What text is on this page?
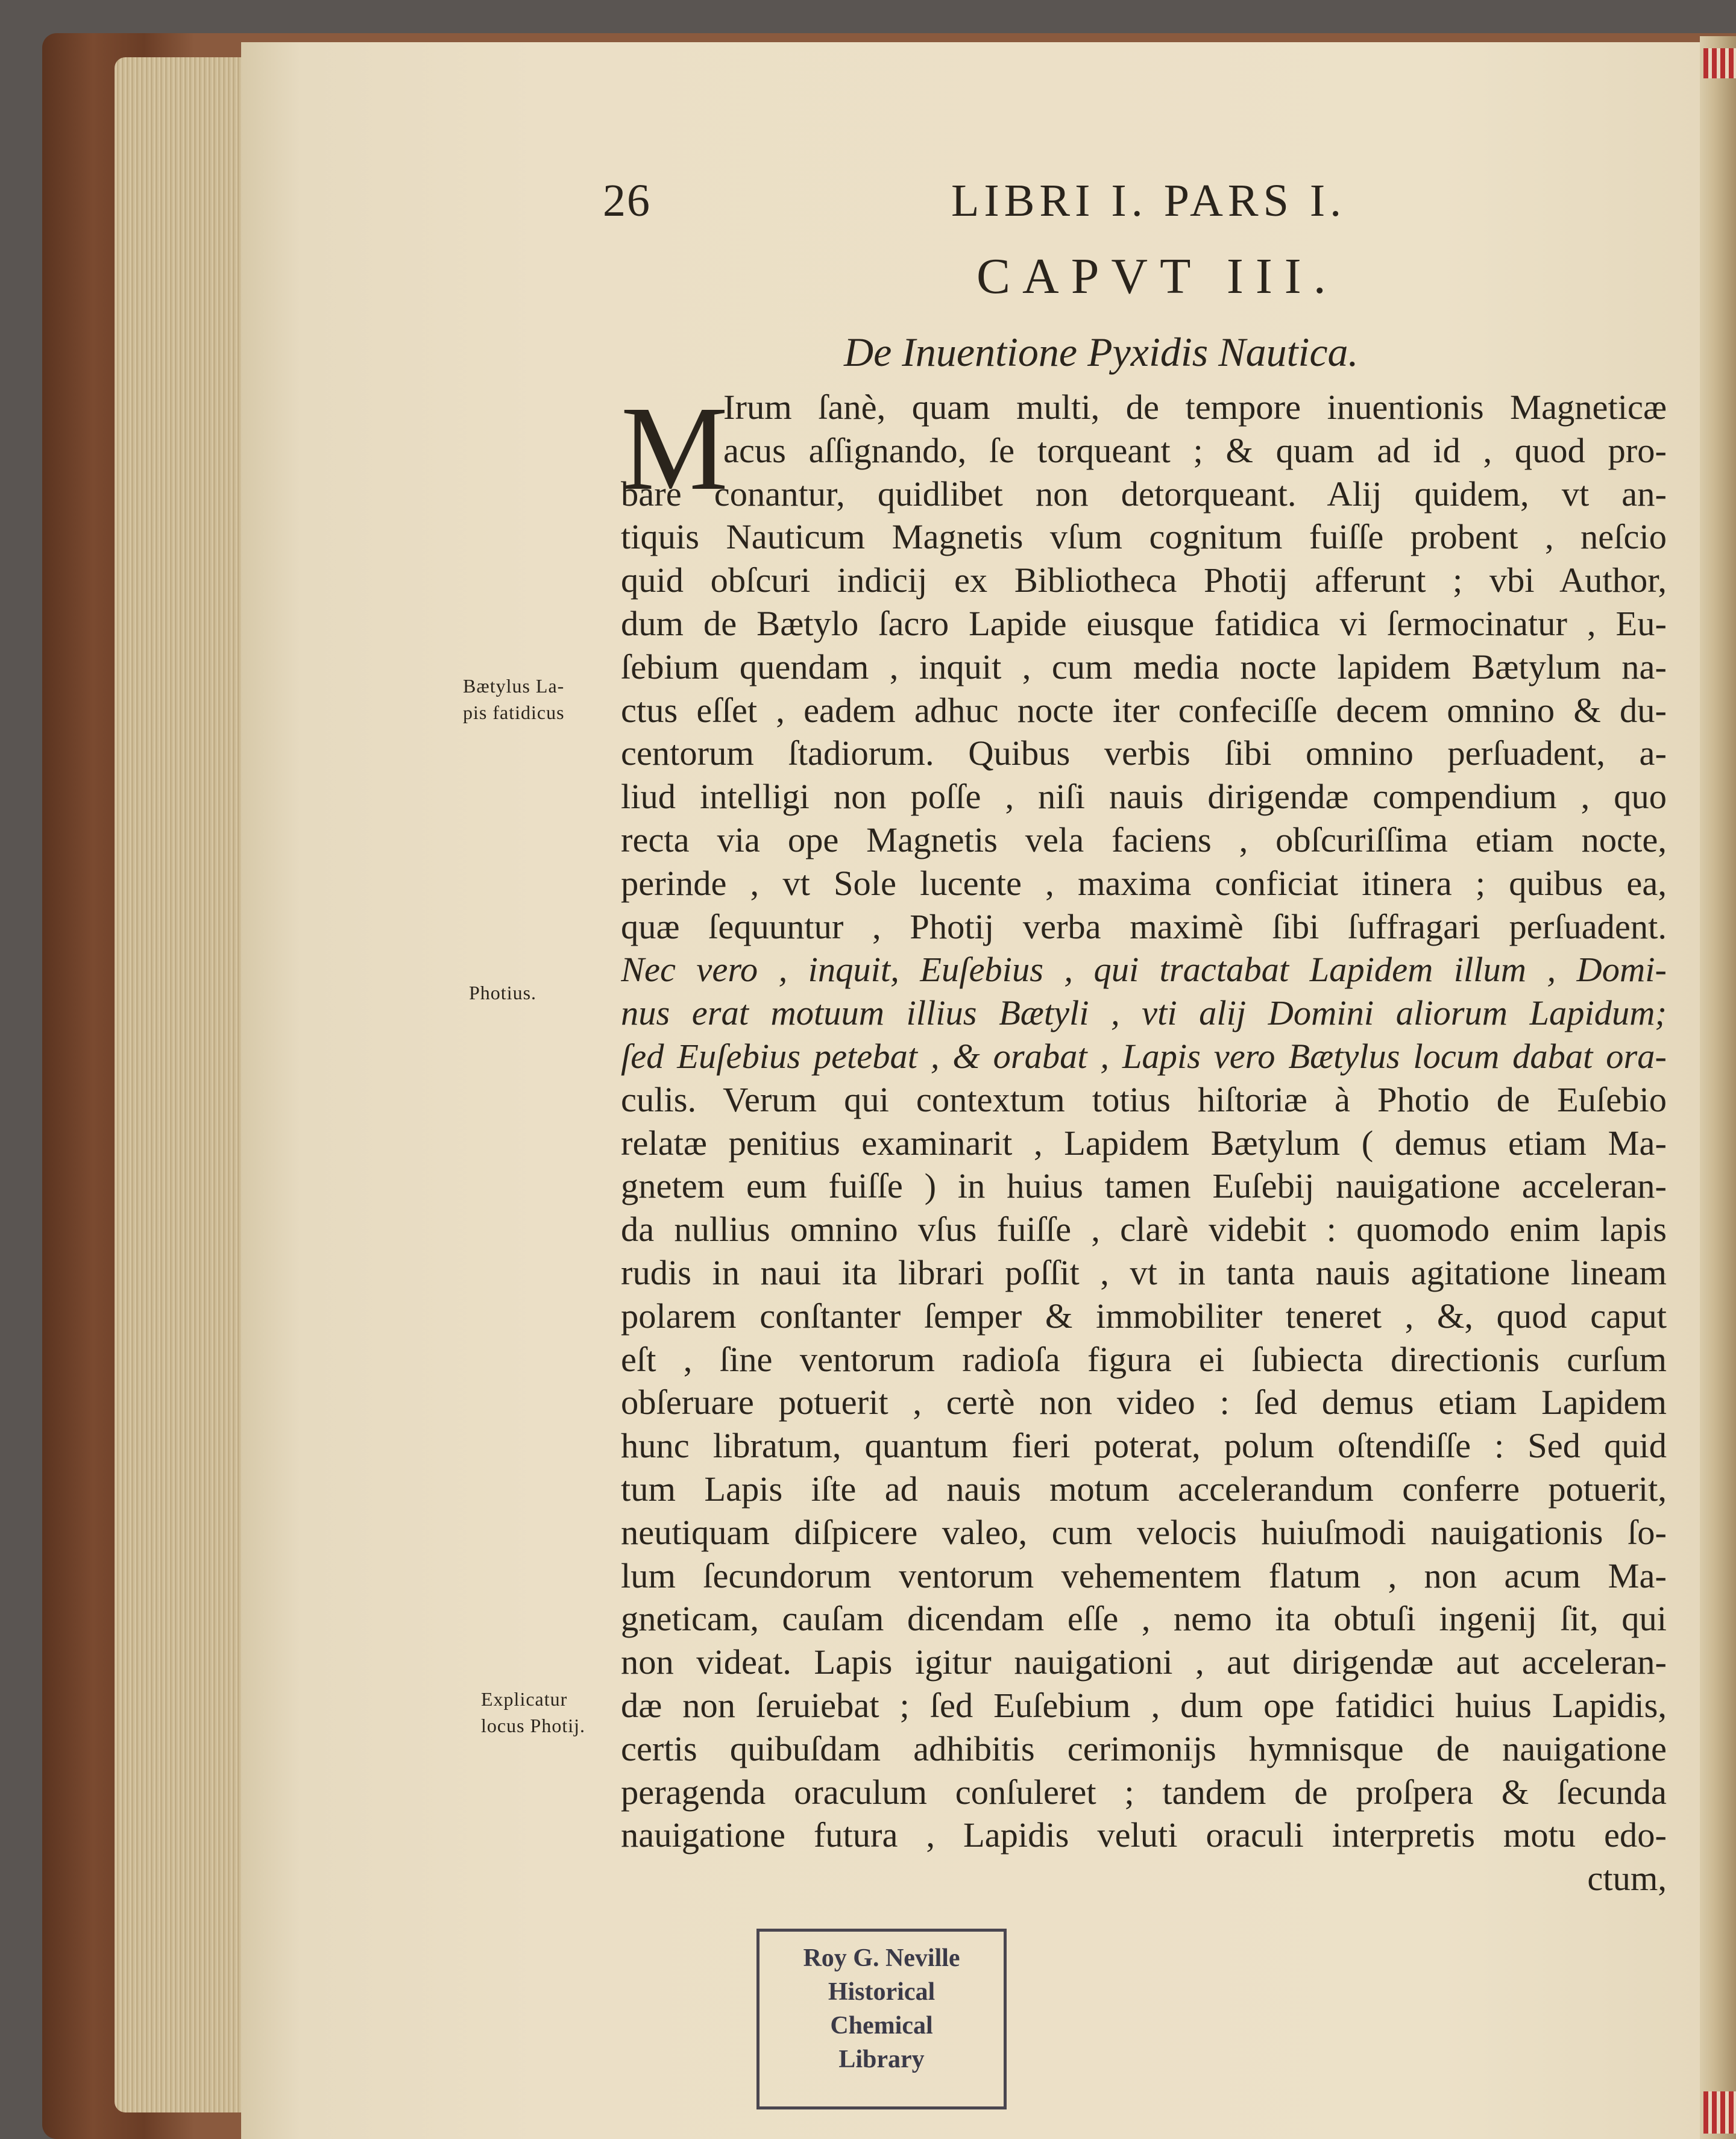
26	LIBRI I. PARS I.
CAPVT III.
De Inuentione Pyxidis Nautica.
M
Irum ſanè, quam multi, de tempore inuentionis Magneticæ
acus aſſignando, ſe torqueant ; & quam ad id , quod pro-
bare conantur, quidlibet non detorqueant. Alij quidem, vt an-
tiquis Nauticum Magnetis vſum cognitum fuiſſe probent , neſcio
quid obſcuri indicij ex Bibliotheca Photij afferunt ; vbi Author,
dum de Bætylo ſacro Lapide eiusque fatidica vi ſermocinatur , Eu-
ſebium quendam , inquit , cum media nocte lapidem Bætylum na-
ctus eſſet , eadem adhuc nocte iter confeciſſe decem omnino & du-
centorum ſtadiorum. Quibus verbis ſibi omnino perſuadent, a-
liud intelligi non poſſe , niſi nauis dirigendæ compendium , quo
recta via ope Magnetis vela faciens , obſcuriſſima etiam nocte,
perinde , vt Sole lucente , maxima conficiat itinera ; quibus ea,
quæ ſequuntur , Photij verba maximè ſibi ſuffragari perſuadent.
Nec vero , inquit, Euſebius , qui tractabat Lapidem illum , Domi-
nus erat motuum illius Bætyli , vti alij Domini aliorum Lapidum;
ſed Euſebius petebat , & orabat , Lapis vero Bætylus locum dabat ora-
culis. Verum qui contextum totius hiſtoriæ à Photio de Euſebio
relatæ penitius examinarit , Lapidem Bætylum ( demus etiam Ma-
gnetem eum fuiſſe ) in huius tamen Euſebij nauigatione acceleran-
da nullius omnino vſus fuiſſe , clarè videbit : quomodo enim lapis
rudis in naui ita librari poſſit , vt in tanta nauis agitatione lineam
polarem conſtanter ſemper & immobiliter teneret , &, quod caput
eſt , ſine ventorum radioſa figura ei ſubiecta directionis curſum
obſeruare potuerit , certè non video : ſed demus etiam Lapidem
hunc libratum, quantum fieri poterat, polum oſtendiſſe : Sed quid
tum Lapis iſte ad nauis motum accelerandum conferre potuerit,
neutiquam diſpicere valeo, cum velocis huiuſmodi nauigationis ſo-
lum ſecundorum ventorum vehementem flatum , non acum Ma-
gneticam, cauſam dicendam eſſe , nemo ita obtuſi ingenij ſit, qui
non videat. Lapis igitur nauigationi , aut dirigendæ aut acceleran-
dæ non ſeruiebat ; ſed Euſebium , dum ope fatidici huius Lapidis,
certis quibuſdam adhibitis cerimonijs hymnisque de nauigatione
peragenda oraculum conſuleret ; tandem de proſpera & ſecunda
nauigatione futura , Lapidis veluti oraculi interpretis motu edo-
ctum,
Bætylus La-
pis fatidicus
Photius.
Explicatur
locus Photij.
Roy G. Neville
Historical
Chemical
Library
